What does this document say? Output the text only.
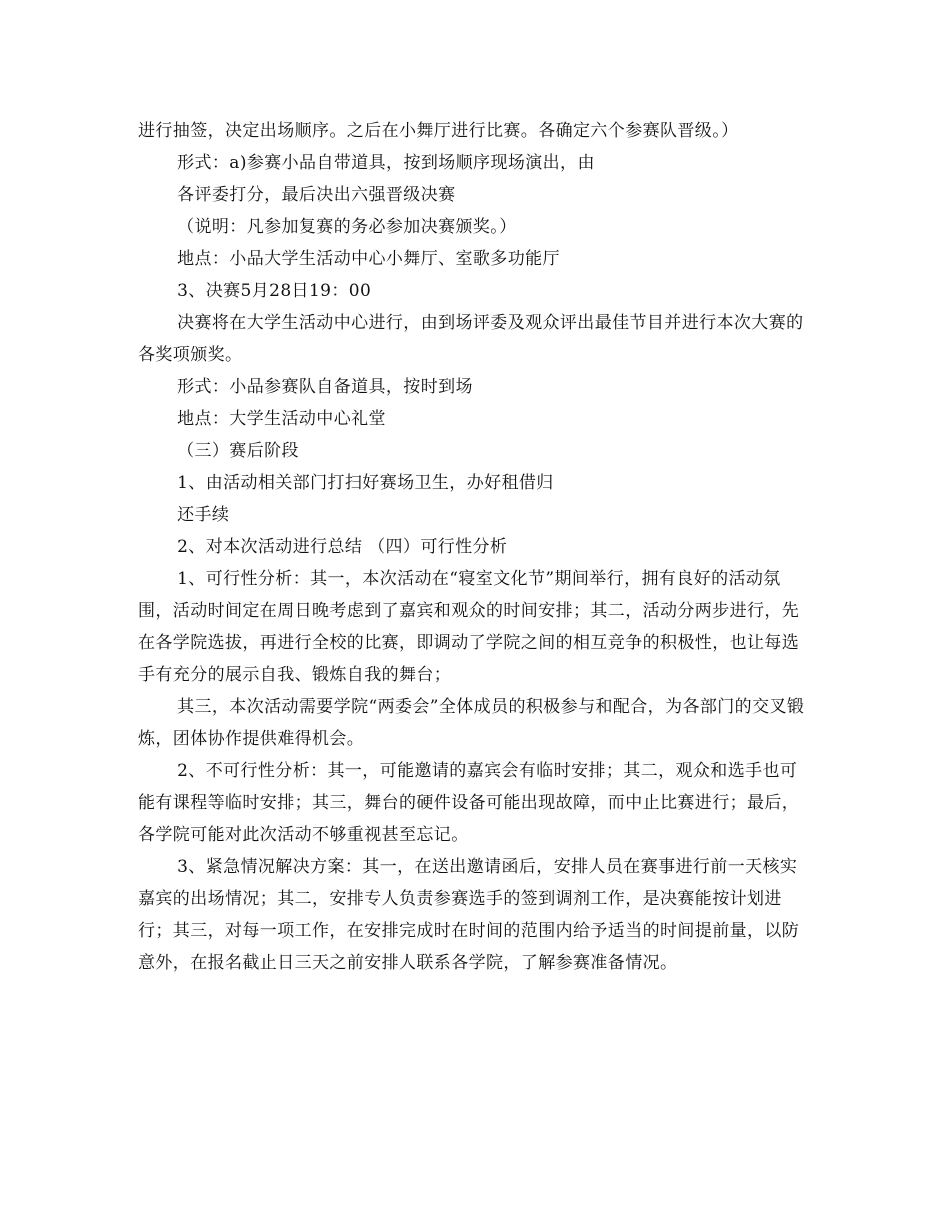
进行抽签，决定出场顺序。之后在小舞厅进行比赛。各确定六个参赛队晋级。）

形式：a)参赛小品自带道具，按到场顺序现场演出，由

各评委打分，最后决出六强晋级决赛

（说明：凡参加复赛的务必参加决赛颁奖。）

地点：小品大学生活动中心小舞厅、室歌多功能厅

3、决赛5月28日19：00

决赛将在大学生活动中心进行，由到场评委及观众评出最佳节目并进行本次大赛的各奖项颁奖。

形式：小品参赛队自备道具，按时到场

地点：大学生活动中心礼堂

（三）赛后阶段

1、由活动相关部门打扫好赛场卫生，办好租借归

还手续

2、对本次活动进行总结 （四）可行性分析

1、可行性分析：其一，本次活动在“寝室文化节”期间举行，拥有良好的活动氛围，活动时间定在周日晚考虑到了嘉宾和观众的时间安排；其二，活动分两步进行，先在各学院选拔，再进行全校的比赛，即调动了学院之间的相互竞争的积极性，也让每选手有充分的展示自我、锻炼自我的舞台；

其三，本次活动需要学院“两委会”全体成员的积极参与和配合，为各部门的交叉锻炼，团体协作提供难得机会。

2、不可行性分析：其一，可能邀请的嘉宾会有临时安排；其二，观众和选手也可能有课程等临时安排；其三，舞台的硬件设备可能出现故障，而中止比赛进行；最后，各学院可能对此次活动不够重视甚至忘记。

3、紧急情况解决方案：其一，在送出邀请函后，安排人员在赛事进行前一天核实嘉宾的出场情况；其二，安排专人负责参赛选手的签到调剂工作，是决赛能按计划进行；其三，对每一项工作，在安排完成时在时间的范围内给予适当的时间提前量，以防意外，在报名截止日三天之前安排人联系各学院，了解参赛准备情况。
